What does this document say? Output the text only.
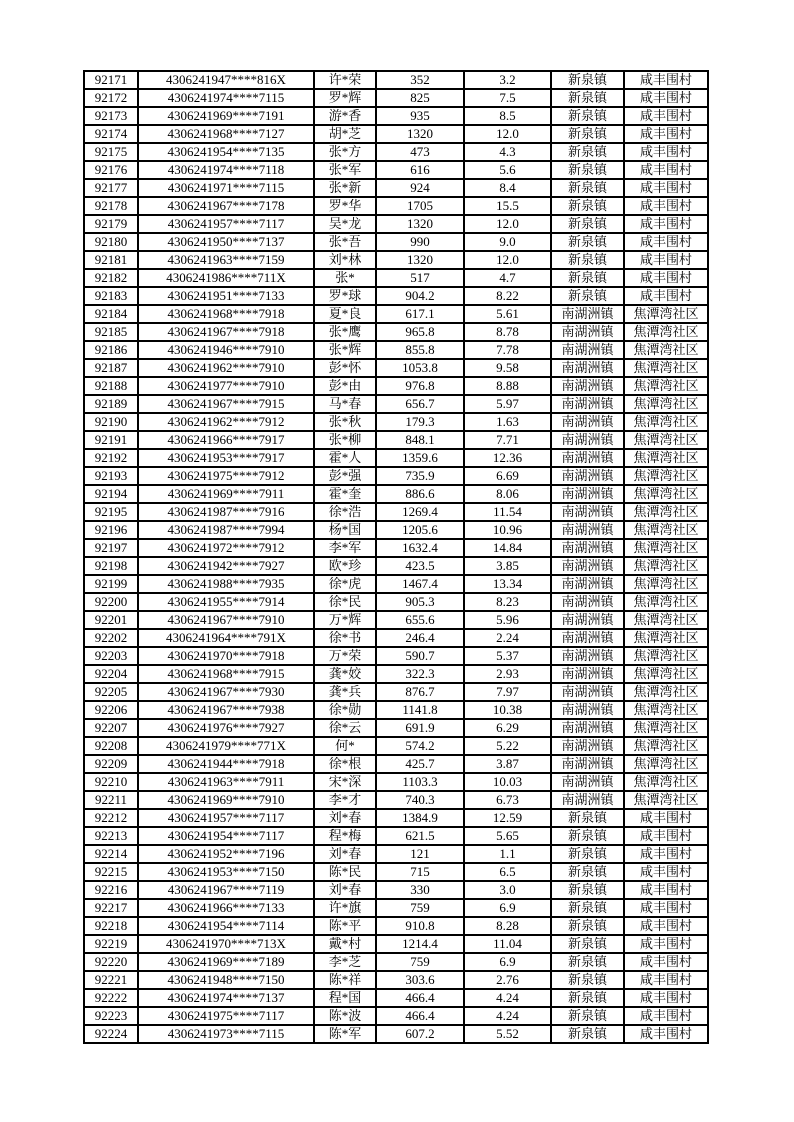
92171	4306241947****816X	许*荣	352	3.2	新泉镇	咸丰围村
92172	4306241974****7115	罗*辉	825	7.5	新泉镇	咸丰围村
92173	4306241969****7191	游*香	935	8.5	新泉镇	咸丰围村
92174	4306241968****7127	胡*芝	1320	12.0	新泉镇	咸丰围村
92175	4306241954****7135	张*方	473	4.3	新泉镇	咸丰围村
92176	4306241974****7118	张*军	616	5.6	新泉镇	咸丰围村
92177	4306241971****7115	张*新	924	8.4	新泉镇	咸丰围村
92178	4306241967****7178	罗*华	1705	15.5	新泉镇	咸丰围村
92179	4306241957****7117	吴*龙	1320	12.0	新泉镇	咸丰围村
92180	4306241950****7137	张*吾	990	9.0	新泉镇	咸丰围村
92181	4306241963****7159	刘*林	1320	12.0	新泉镇	咸丰围村
92182	4306241986****711X	张*	517	4.7	新泉镇	咸丰围村
92183	4306241951****7133	罗*球	904.2	8.22	新泉镇	咸丰围村
92184	4306241968****7918	夏*良	617.1	5.61	南湖洲镇	焦潭湾社区
92185	4306241967****7918	张*鹰	965.8	8.78	南湖洲镇	焦潭湾社区
92186	4306241946****7910	张*辉	855.8	7.78	南湖洲镇	焦潭湾社区
92187	4306241962****7910	彭*怀	1053.8	9.58	南湖洲镇	焦潭湾社区
92188	4306241977****7910	彭*由	976.8	8.88	南湖洲镇	焦潭湾社区
92189	4306241967****7915	马*春	656.7	5.97	南湖洲镇	焦潭湾社区
92190	4306241962****7912	张*秋	179.3	1.63	南湖洲镇	焦潭湾社区
92191	4306241966****7917	张*柳	848.1	7.71	南湖洲镇	焦潭湾社区
92192	4306241953****7917	霍*人	1359.6	12.36	南湖洲镇	焦潭湾社区
92193	4306241975****7912	彭*强	735.9	6.69	南湖洲镇	焦潭湾社区
92194	4306241969****7911	霍*奎	886.6	8.06	南湖洲镇	焦潭湾社区
92195	4306241987****7916	徐*浩	1269.4	11.54	南湖洲镇	焦潭湾社区
92196	4306241987****7994	杨*国	1205.6	10.96	南湖洲镇	焦潭湾社区
92197	4306241972****7912	李*军	1632.4	14.84	南湖洲镇	焦潭湾社区
92198	4306241942****7927	欧*珍	423.5	3.85	南湖洲镇	焦潭湾社区
92199	4306241988****7935	徐*虎	1467.4	13.34	南湖洲镇	焦潭湾社区
92200	4306241955****7914	徐*民	905.3	8.23	南湖洲镇	焦潭湾社区
92201	4306241967****7910	万*辉	655.6	5.96	南湖洲镇	焦潭湾社区
92202	4306241964****791X	徐*书	246.4	2.24	南湖洲镇	焦潭湾社区
92203	4306241970****7918	万*荣	590.7	5.37	南湖洲镇	焦潭湾社区
92204	4306241968****7915	龚*姣	322.3	2.93	南湖洲镇	焦潭湾社区
92205	4306241967****7930	龚*兵	876.7	7.97	南湖洲镇	焦潭湾社区
92206	4306241967****7938	徐*勋	1141.8	10.38	南湖洲镇	焦潭湾社区
92207	4306241976****7927	徐*云	691.9	6.29	南湖洲镇	焦潭湾社区
92208	4306241979****771X	何*	574.2	5.22	南湖洲镇	焦潭湾社区
92209	4306241944****7918	徐*根	425.7	3.87	南湖洲镇	焦潭湾社区
92210	4306241963****7911	宋*深	1103.3	10.03	南湖洲镇	焦潭湾社区
92211	4306241969****7910	李*才	740.3	6.73	南湖洲镇	焦潭湾社区
92212	4306241957****7117	刘*春	1384.9	12.59	新泉镇	咸丰围村
92213	4306241954****7117	程*梅	621.5	5.65	新泉镇	咸丰围村
92214	4306241952****7196	刘*春	121	1.1	新泉镇	咸丰围村
92215	4306241953****7150	陈*民	715	6.5	新泉镇	咸丰围村
92216	4306241967****7119	刘*春	330	3.0	新泉镇	咸丰围村
92217	4306241966****7133	许*旗	759	6.9	新泉镇	咸丰围村
92218	4306241954****7114	陈*平	910.8	8.28	新泉镇	咸丰围村
92219	4306241970****713X	戴*村	1214.4	11.04	新泉镇	咸丰围村
92220	4306241969****7189	李*芝	759	6.9	新泉镇	咸丰围村
92221	4306241948****7150	陈*祥	303.6	2.76	新泉镇	咸丰围村
92222	4306241974****7137	程*国	466.4	4.24	新泉镇	咸丰围村
92223	4306241975****7117	陈*波	466.4	4.24	新泉镇	咸丰围村
92224	4306241973****7115	陈*军	607.2	5.52	新泉镇	咸丰围村
